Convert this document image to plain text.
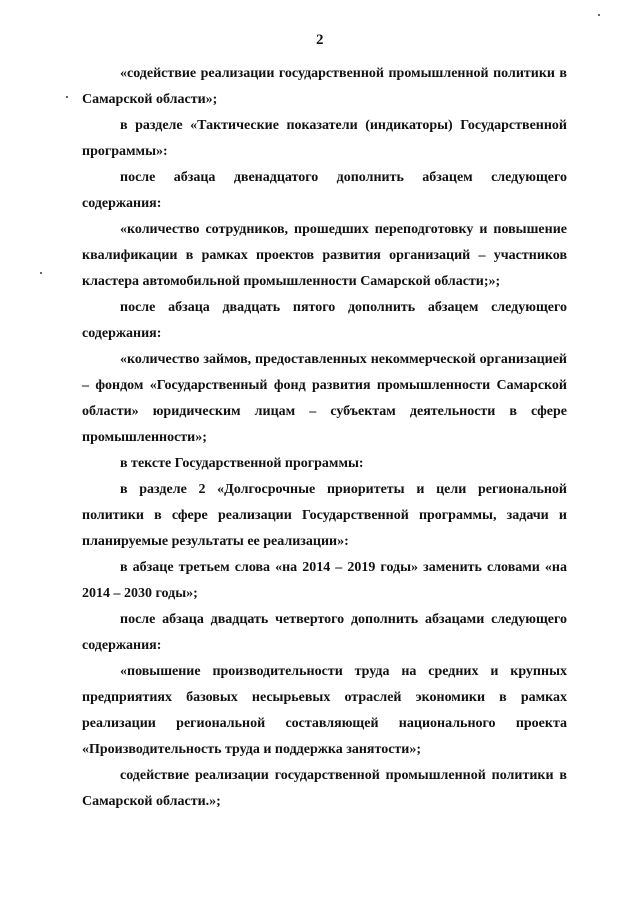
2

«содействие реализации государственной промышленной политики в Самарской области»;

в разделе «Тактические показатели (индикаторы) Государственной программы»:

после абзаца двенадцатого дополнить абзацем следующего содержания:

«количество сотрудников, прошедших переподготовку и повышение квалификации в рамках проектов развития организаций – участников кластера автомобильной промышленности Самарской области;»;

после абзаца двадцать пятого дополнить абзацем следующего содержания:

«количество займов, предоставленных некоммерческой организацией – фондом «Государственный фонд развития промышленности Самарской области» юридическим лицам – субъектам деятельности в сфере промышленности»;

в тексте Государственной программы:

в разделе 2 «Долгосрочные приоритеты и цели региональной политики в сфере реализации Государственной программы, задачи и планируемые результаты ее реализации»:

в абзаце третьем слова «на 2014 – 2019 годы» заменить словами «на 2014 – 2030 годы»;

после абзаца двадцать четвертого дополнить абзацами следующего содержания:

«повышение производительности труда на средних и крупных предприятиях базовых несырьевых отраслей экономики в рамках реализации региональной составляющей национального проекта «Производительность труда и поддержка занятости»;

содействие реализации государственной промышленной политики в Самарской области.»;
